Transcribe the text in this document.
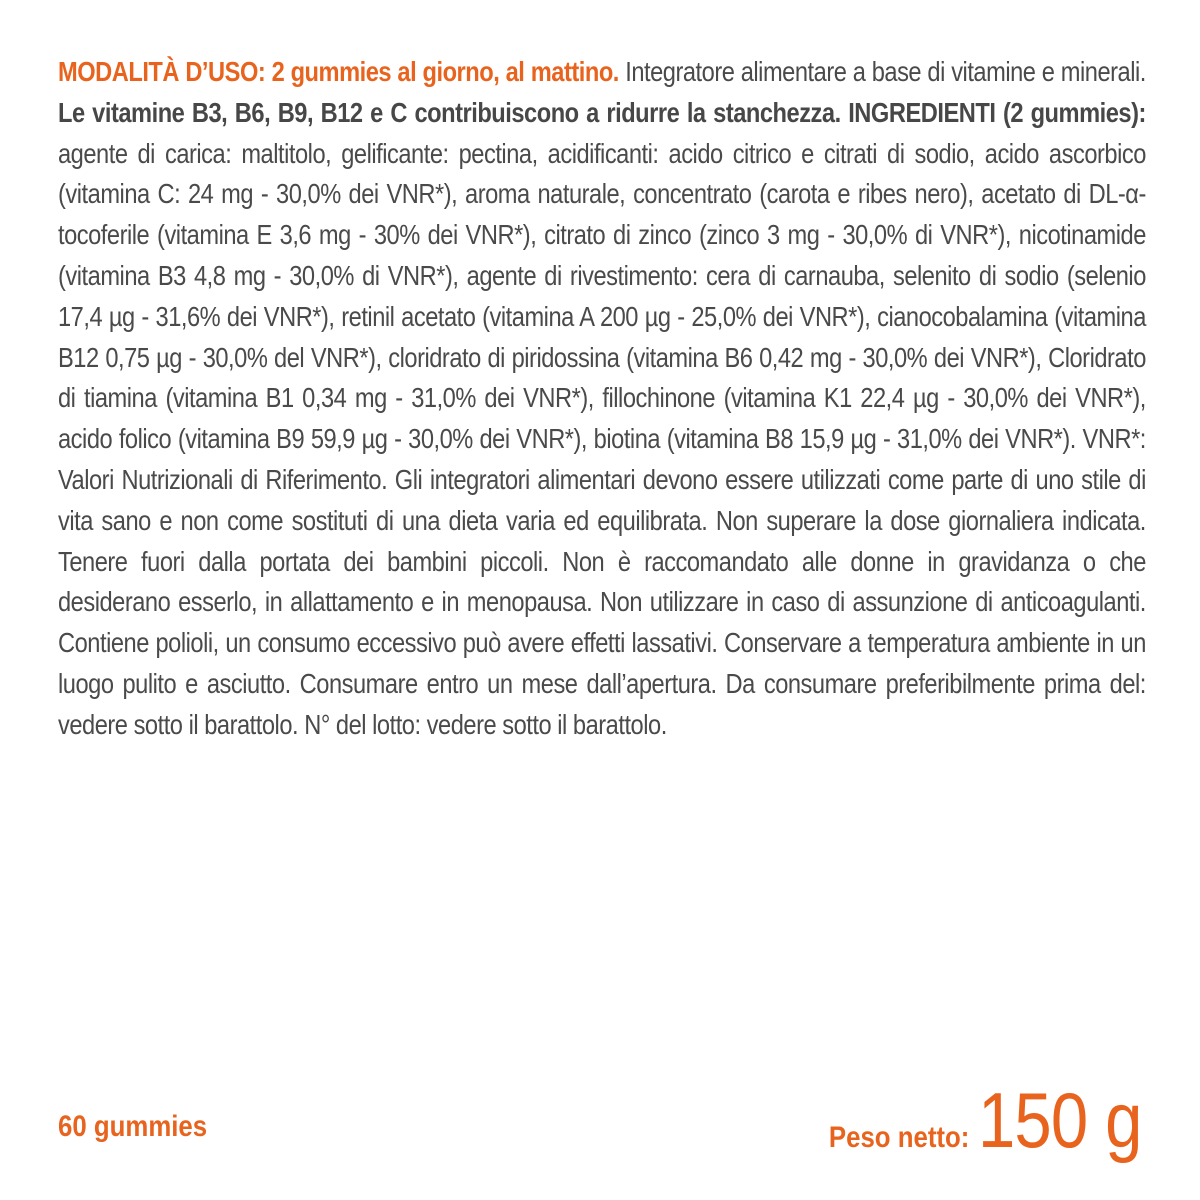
MODALITÀ D’USO: 2 gummies al giorno, al mattino. Integratore alimentare a base di vitamine e minerali. Le vitamine B3, B6, B9, B12 e C contribuiscono a ridurre la stanchezza. INGREDIENTI (2 gummies): agente di carica: maltitolo, gelificante: pectina, acidificanti: acido citrico e citrati di sodio, acido ascorbico (vitamina C: 24 mg - 30,0% dei VNR*), aroma naturale, concentrato (carota e ribes nero), acetato di DL-α-tocoferile (vitamina E 3,6 mg - 30% dei VNR*), citrato di zinco (zinco 3 mg - 30,0% di VNR*), nicotinamide (vitamina B3 4,8 mg - 30,0% di VNR*), agente di rivestimento: cera di carnauba, selenito di sodio (selenio 17,4 µg - 31,6% dei VNR*), retinil acetato (vitamina A 200 µg - 25,0% dei VNR*), cianocobalamina (vitamina B12 0,75 µg - 30,0% del VNR*), cloridrato di piridossina (vitamina B6 0,42 mg - 30,0% dei VNR*), Cloridrato di tiamina (vitamina B1 0,34 mg - 31,0% dei VNR*), fillochinone (vitamina K1 22,4 µg - 30,0% dei VNR*), acido folico (vitamina B9 59,9 µg - 30,0% dei VNR*), biotina (vitamina B8 15,9 µg - 31,0% dei VNR*). VNR*: Valori Nutrizionali di Riferimento. Gli integratori alimentari devono essere utilizzati come parte di uno stile di vita sano e non come sostituti di una dieta varia ed equilibrata. Non superare la dose giornaliera indicata. Tenere fuori dalla portata dei bambini piccoli. Non è raccomandato alle donne in gravidanza o che desiderano esserlo, in allattamento e in menopausa. Non utilizzare in caso di assunzione di anticoagulanti. Contiene polioli, un consumo eccessivo può avere effetti lassativi. Conservare a temperatura ambiente in un luogo pulito e asciutto. Consumare entro un mese dall’apertura. Da consumare preferibilmente prima del: vedere sotto il barattolo. N° del lotto: vedere sotto il barattolo.
60 gummies	Peso netto: 150 g
